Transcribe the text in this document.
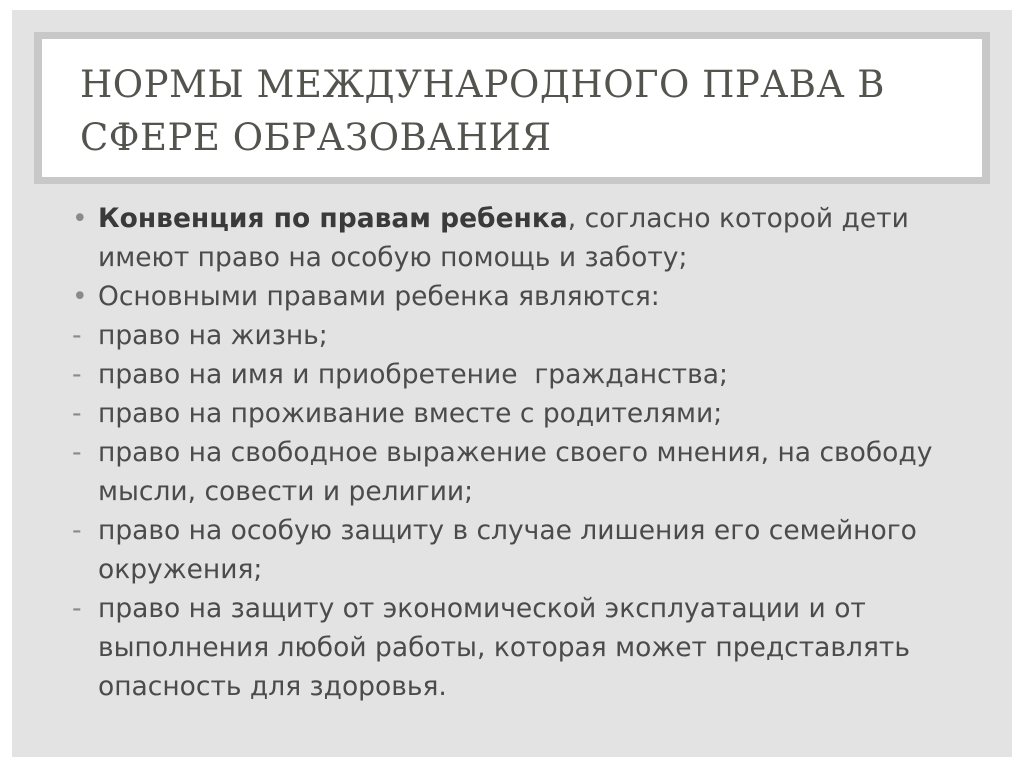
НОРМЫ МЕЖДУНАРОДНОГО ПРАВА В СФЕРЕ ОБРАЗОВАНИЯ
• Конвенция по правам ребенка, согласно которой дети имеют право на особую помощь и заботу;
• Основными правами ребенка являются:
- право на жизнь;
- право на имя и приобретение  гражданства;
- право на проживание вместе с родителями;
- право на свободное выражение своего мнения, на свободу мысли, совести и религии;
- право на особую защиту в случае лишения его семейного окружения;
- право на защиту от экономической эксплуатации и от выполнения любой работы, которая может представлять опасность для здоровья.
